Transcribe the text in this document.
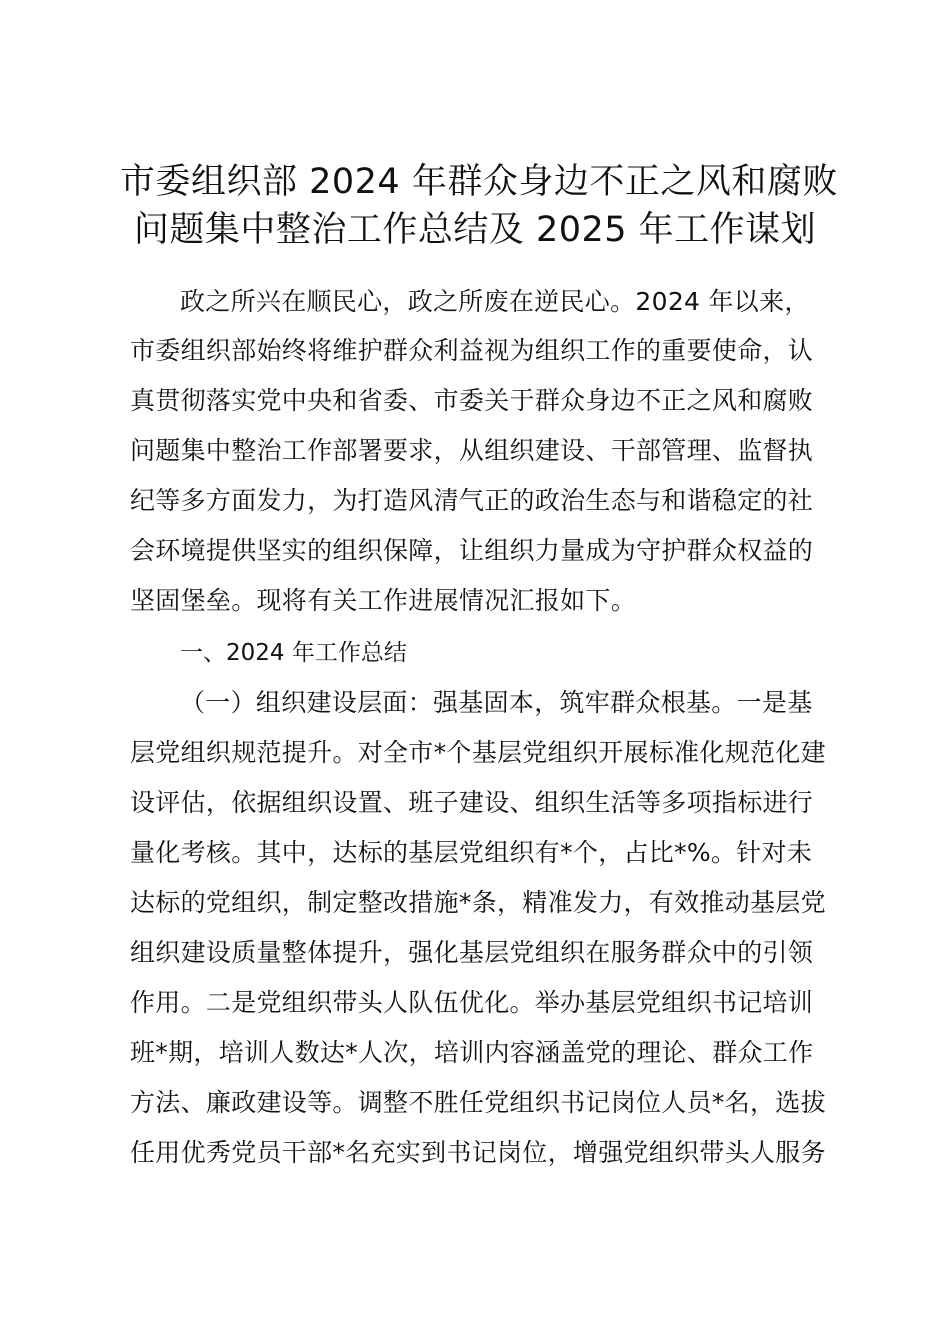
市委组织部 2024 年群众身边不正之风和腐败
问题集中整治工作总结及 2025 年工作谋划
政之所兴在顺民心，政之所废在逆民心。2024 年以来，
市委组织部始终将维护群众利益视为组织工作的重要使命，认
真贯彻落实党中央和省委、市委关于群众身边不正之风和腐败
问题集中整治工作部署要求，从组织建设、干部管理、监督执
纪等多方面发力，为打造风清气正的政治生态与和谐稳定的社
会环境提供坚实的组织保障，让组织力量成为守护群众权益的
坚固堡垒。现将有关工作进展情况汇报如下。
一、2024 年工作总结
（一）组织建设层面：强基固本，筑牢群众根基。一是基
层党组织规范提升。对全市*个基层党组织开展标准化规范化建
设评估，依据组织设置、班子建设、组织生活等多项指标进行
量化考核。其中，达标的基层党组织有*个，占比*%。针对未
达标的党组织，制定整改措施*条，精准发力，有效推动基层党
组织建设质量整体提升，强化基层党组织在服务群众中的引领
作用。二是党组织带头人队伍优化。举办基层党组织书记培训
班*期，培训人数达*人次，培训内容涵盖党的理论、群众工作
方法、廉政建设等。调整不胜任党组织书记岗位人员*名，选拔
任用优秀党员干部*名充实到书记岗位，增强党组织带头人服务
